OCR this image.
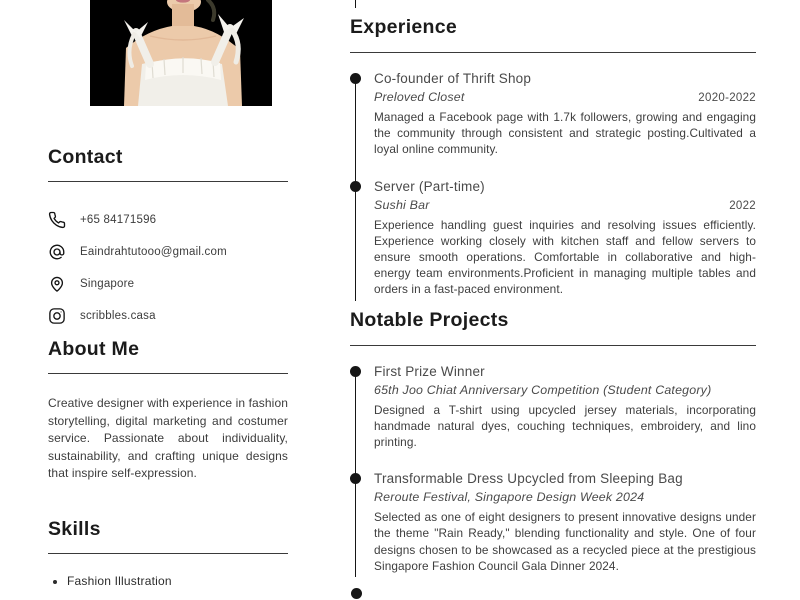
Contact
+65 84171596
Eaindrahtutooo@gmail.com
Singapore
scribbles.casa
About Me

Creative designer with experience in fashion storytelling, digital marketing and costumer service. Passionate about individuality, sustainability, and crafting unique designs that inspire self-expression.

Skills
• Fashion Illustration
Experience
Co-founder of Thrift Shop
Preloved Closet	2020-2022

Managed a Facebook page with 1.7k followers, growing and engaging the community through consistent and strategic posting.Cultivated a loyal online community.

Server (Part-time)
Sushi Bar	2022

Experience handling guest inquiries and resolving issues efficiently. Experience working closely with kitchen staff and fellow servers to ensure smooth operations. Comfortable in collaborative and high-energy team environments.Proficient in managing multiple tables and orders in a fast-paced environment.

Notable Projects
First Prize Winner
65th Joo Chiat Anniversary Competition (Student Category)

Designed a T-shirt using upcycled jersey materials, incorporating handmade natural dyes, couching techniques, embroidery, and lino printing.

Transformable Dress Upcycled from Sleeping Bag
Reroute Festival, Singapore Design Week 2024

Selected as one of eight designers to present innovative designs under the theme "Rain Ready," blending functionality and style. One of four designs chosen to be showcased as a recycled piece at the prestigious Singapore Fashion Council Gala Dinner 2024.
